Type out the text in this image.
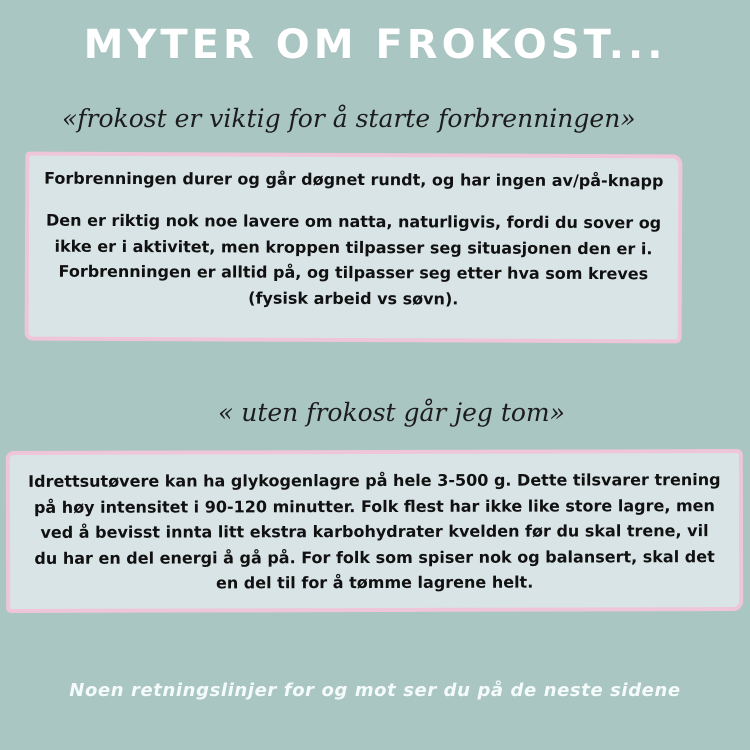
MYTER OM FROKOST...
«frokost er viktig for å starte forbrenningen»
Forbrenningen durer og går døgnet rundt, og har ingen av/på-knapp
Den er riktig nok noe lavere om natta, naturligvis, fordi du sover og ikke er i aktivitet, men kroppen tilpasser seg situasjonen den er i. Forbrenningen er alltid på, og tilpasser seg etter hva som kreves (fysisk arbeid vs søvn).
« uten frokost går jeg tom»
Idrettsutøvere kan ha glykogenlagre på hele 3-500 g. Dette tilsvarer trening på høy intensitet i 90-120 minutter. Folk flest har ikke like store lagre, men ved å bevisst innta litt ekstra karbohydrater kvelden før du skal trene, vil du har en del energi å gå på. For folk som spiser nok og balansert, skal det en del til for å tømme lagrene helt.
Noen retningslinjer for og mot ser du på de neste sidene
